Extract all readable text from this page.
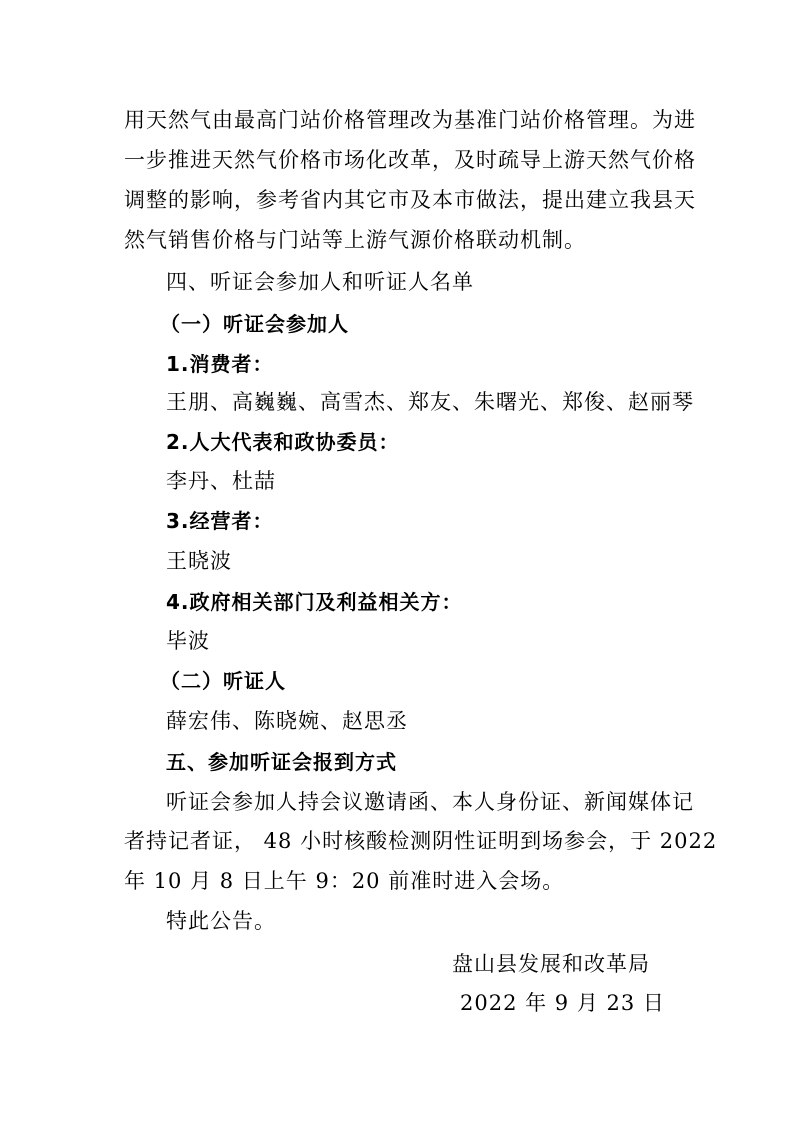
用天然气由最高门站价格管理改为基准门站价格管理。为进
一步推进天然气价格市场化改革，及时疏导上游天然气价格
调整的影响，参考省内其它市及本市做法，提出建立我县天
然气销售价格与门站等上游气源价格联动机制。
四、听证会参加人和听证人名单
（一）听证会参加人
1.消费者：
王朋、高巍巍、高雪杰、郑友、朱曙光、郑俊、赵丽琴
2.人大代表和政协委员：
李丹、杜喆
3.经营者：
王晓波
4.政府相关部门及利益相关方：
毕波
（二）听证人
薛宏伟、陈晓婉、赵思丞
五、参加听证会报到方式
听证会参加人持会议邀请函、本人身份证、新闻媒体记
者持记者证， 48 小时核酸检测阴性证明到场参会，于 2022
年 10 月 8 日上午 9：20 前准时进入会场。
特此公告。
盘山县发展和改革局
2022 年 9 月 23 日
